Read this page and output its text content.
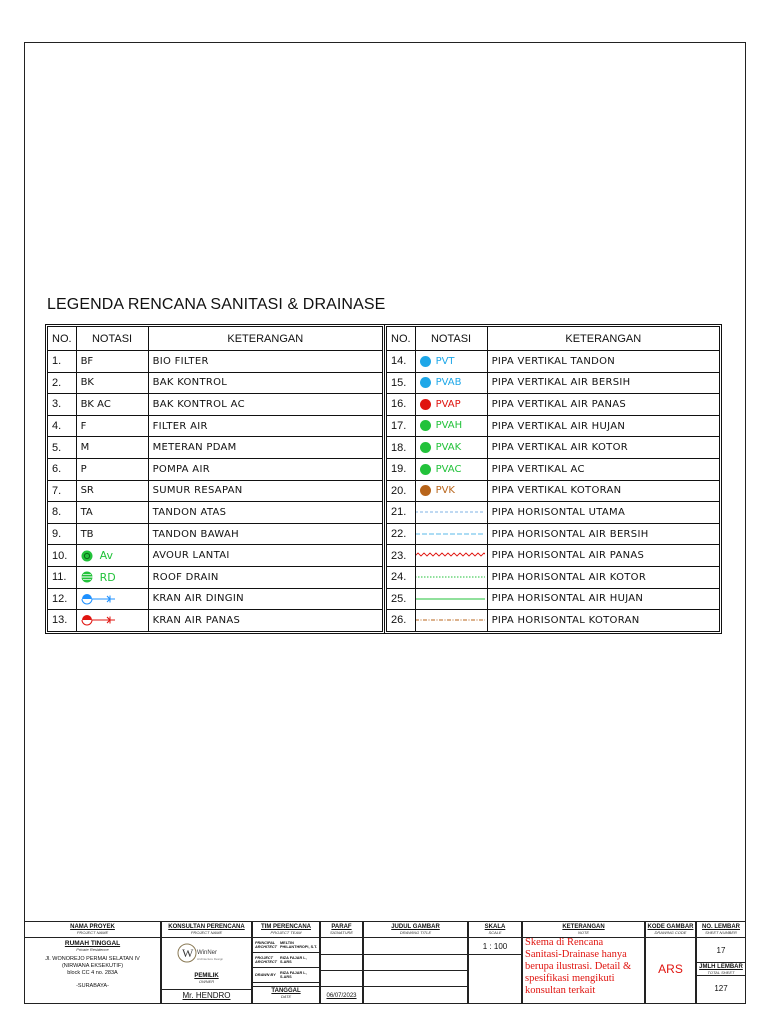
LEGENDA RENCANA SANITASI & DRAINASE
NO.	NOTASI	KETERANGAN
1.	BF	BIO FILTER
2.	BK	BAK KONTROL
3.	BK AC	BAK KONTROL AC
4.	F	FILTER AIR
5.	M	METERAN PDAM
6.	P	POMPA AIR
7.	SR	SUMUR RESAPAN
8.	TA	TANDON ATAS
9.	TB	TANDON BAWAH
10.	Av	AVOUR LANTAI
11.	RD	ROOF DRAIN
12.		KRAN AIR DINGIN
13.		KRAN AIR PANAS
NO.	NOTASI	KETERANGAN
14.	PVT	PIPA VERTIKAL TANDON
15.	PVAB	PIPA VERTIKAL AIR BERSIH
16.	PVAP	PIPA VERTIKAL AIR PANAS
17.	PVAH	PIPA VERTIKAL AIR HUJAN
18.	PVAK	PIPA VERTIKAL AIR KOTOR
19.	PVAC	PIPA VERTIKAL AC
20.	PVK	PIPA VERTIKAL KOTORAN
21.		PIPA HORISONTAL UTAMA
22.		PIPA HORISONTAL AIR BERSIH
23.		PIPA HORISONTAL AIR PANAS
24.		PIPA HORISONTAL AIR KOTOR
25.		PIPA HORISONTAL AIR HUJAN
26.		PIPA HORISONTAL KOTORAN
NAMA PROYEK
PROJECT NAME
RUMAH TINGGAL
Private Residence
Jl. WONOREJO PERMAI SELATAN IV
(NIRWANA EKSEKUTIF)
block CC 4 no. 283A
-SURABAYA-
KONSULTAN PERENCANA
PROJECT NAME
W WinNer
Architecture Design
PEMILIK
OWNER
Mr. HENDRO
TIM PERENCANA
PROJECT TEAM
PRINCIPAL ARCHITECT
MELTIN PHILANTHROPI, S.T.
PROJECT ARCHITECT
RIZA FAJAR L, S.ARS
DRAWN BY	RIZA FAJAR L, S.ARS
TANGGAL
DATE
PARAF
SIGNATURE
06/07/2023
JUDUL GAMBAR
DRAWING TITLE
SKALA
SCALE
1 : 100
KETERANGAN
NOTE
Skema di Rencana
Sanitasi-Drainase hanya
berupa ilustrasi. Detail &
spesifikasi mengikuti
konsultan terkait
KODE GAMBAR
DRAWING CODE
ARS
NO. LEMBAR
SHEET NUMBER
17
JMLH LEMBAR
TOTAL SHEET
127
